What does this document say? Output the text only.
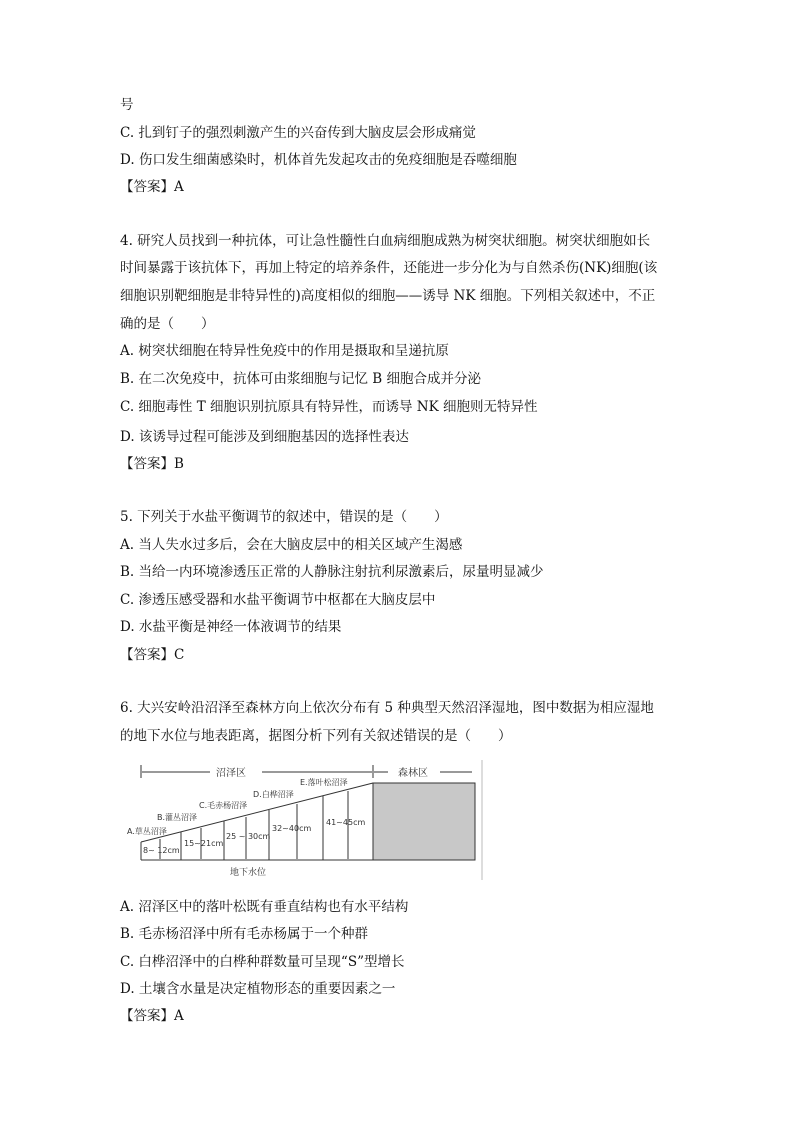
号
C. 扎到钉子的强烈刺激产生的兴奋传到大脑皮层会形成痛觉
D. 伤口发生细菌感染时，机体首先发起攻击的免疫细胞是吞噬细胞
【答案】A
4. 研究人员找到一种抗体，可让急性髓性白血病细胞成熟为树突状细胞。树突状细胞如长
时间暴露于该抗体下，再加上特定的培养条件，还能进一步分化为与自然杀伤(NK)细胞(该
细胞识别靶细胞是非特异性的)高度相似的细胞——诱导 NK 细胞。下列相关叙述中，不正
确的是（　　）
A. 树突状细胞在特异性免疫中的作用是摄取和呈递抗原
B. 在二次免疫中，抗体可由浆细胞与记忆 B 细胞合成并分泌
C. 细胞毒性 T 细胞识别抗原具有特异性，而诱导 NK 细胞则无特异性
D. 该诱导过程可能涉及到细胞基因的选择性表达
【答案】B
5. 下列关于水盐平衡调节的叙述中，错误的是（　　）
A. 当人失水过多后，会在大脑皮层中的相关区域产生渴感
B. 当给一内环境渗透压正常的人静脉注射抗利尿激素后，尿量明显减少
C. 渗透压感受器和水盐平衡调节中枢都在大脑皮层中
D. 水盐平衡是神经一体液调节的结果
【答案】C
6. 大兴安岭沿沼泽至森林方向上依次分布有 5 种典型天然沼泽湿地，图中数据为相应湿地
的地下水位与地表距离，据图分析下列有关叙述错误的是（　　）
A. 沼泽区中的落叶松既有垂直结构也有水平结构
B. 毛赤杨沼泽中所有毛赤杨属于一个种群
C. 白桦沼泽中的白桦种群数量可呈现“S”型增长
D. 土壤含水量是决定植物形态的重要因素之一
【答案】A
沼泽区	森林区
A.草丛沼泽
B.灌丛沼泽
C.毛赤杨沼泽
D.白桦沼泽
E.落叶松沼泽
8~ 12cm
15~21cm
25 ~ 30cm
32~40cm
41~45cm
地下水位
